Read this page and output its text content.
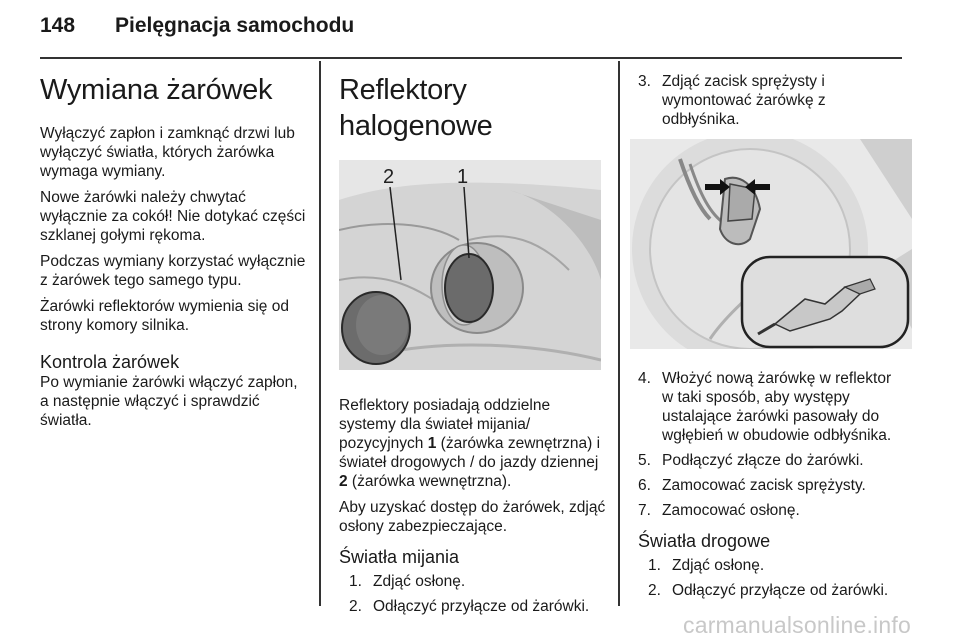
148 Pielęgnacja samochodu
Wymiana żarówek

Wyłączyć zapłon i zamknąć drzwi lub wyłączyć światła, których żarówka wymaga wymiany.

Nowe żarówki należy chwytać wyłącznie za cokół! Nie dotykać części szklanej gołymi rękoma.

Podczas wymiany korzystać wyłącznie z żarówek tego samego typu.

Żarówki reflektorów wymienia się od strony komory silnika.

Kontrola żarówek

Po wymianie żarówki włączyć zapłon, a następnie włączyć i sprawdzić światła.

Reflektory halogenowe
2	1

Reflektory posiadają oddzielne systemy dla świateł mijania/ pozycyjnych 1 (żarówka zewnętrzna) i świateł drogowych / do jazdy dziennej 2 (żarówka wewnętrzna).

Aby uzyskać dostęp do żarówek, zdjąć osłony zabezpieczające.

Światła mijania
1. Zdjąć osłonę.
2. Odłączyć przyłącze od żarówki.
3. Zdjąć zacisk sprężysty i wymontować żarówkę z odbłyśnika.
4. Włożyć nową żarówkę w reflektor w taki sposób, aby występy ustalające żarówki pasowały do wgłębień w obudowie odbłyśnika.
5. Podłączyć złącze do żarówki.
6. Zamocować zacisk sprężysty.
7. Zamocować osłonę.
Światła drogowe
1. Zdjąć osłonę.
2. Odłączyć przyłącze od żarówki.
carmanualsonline.info
